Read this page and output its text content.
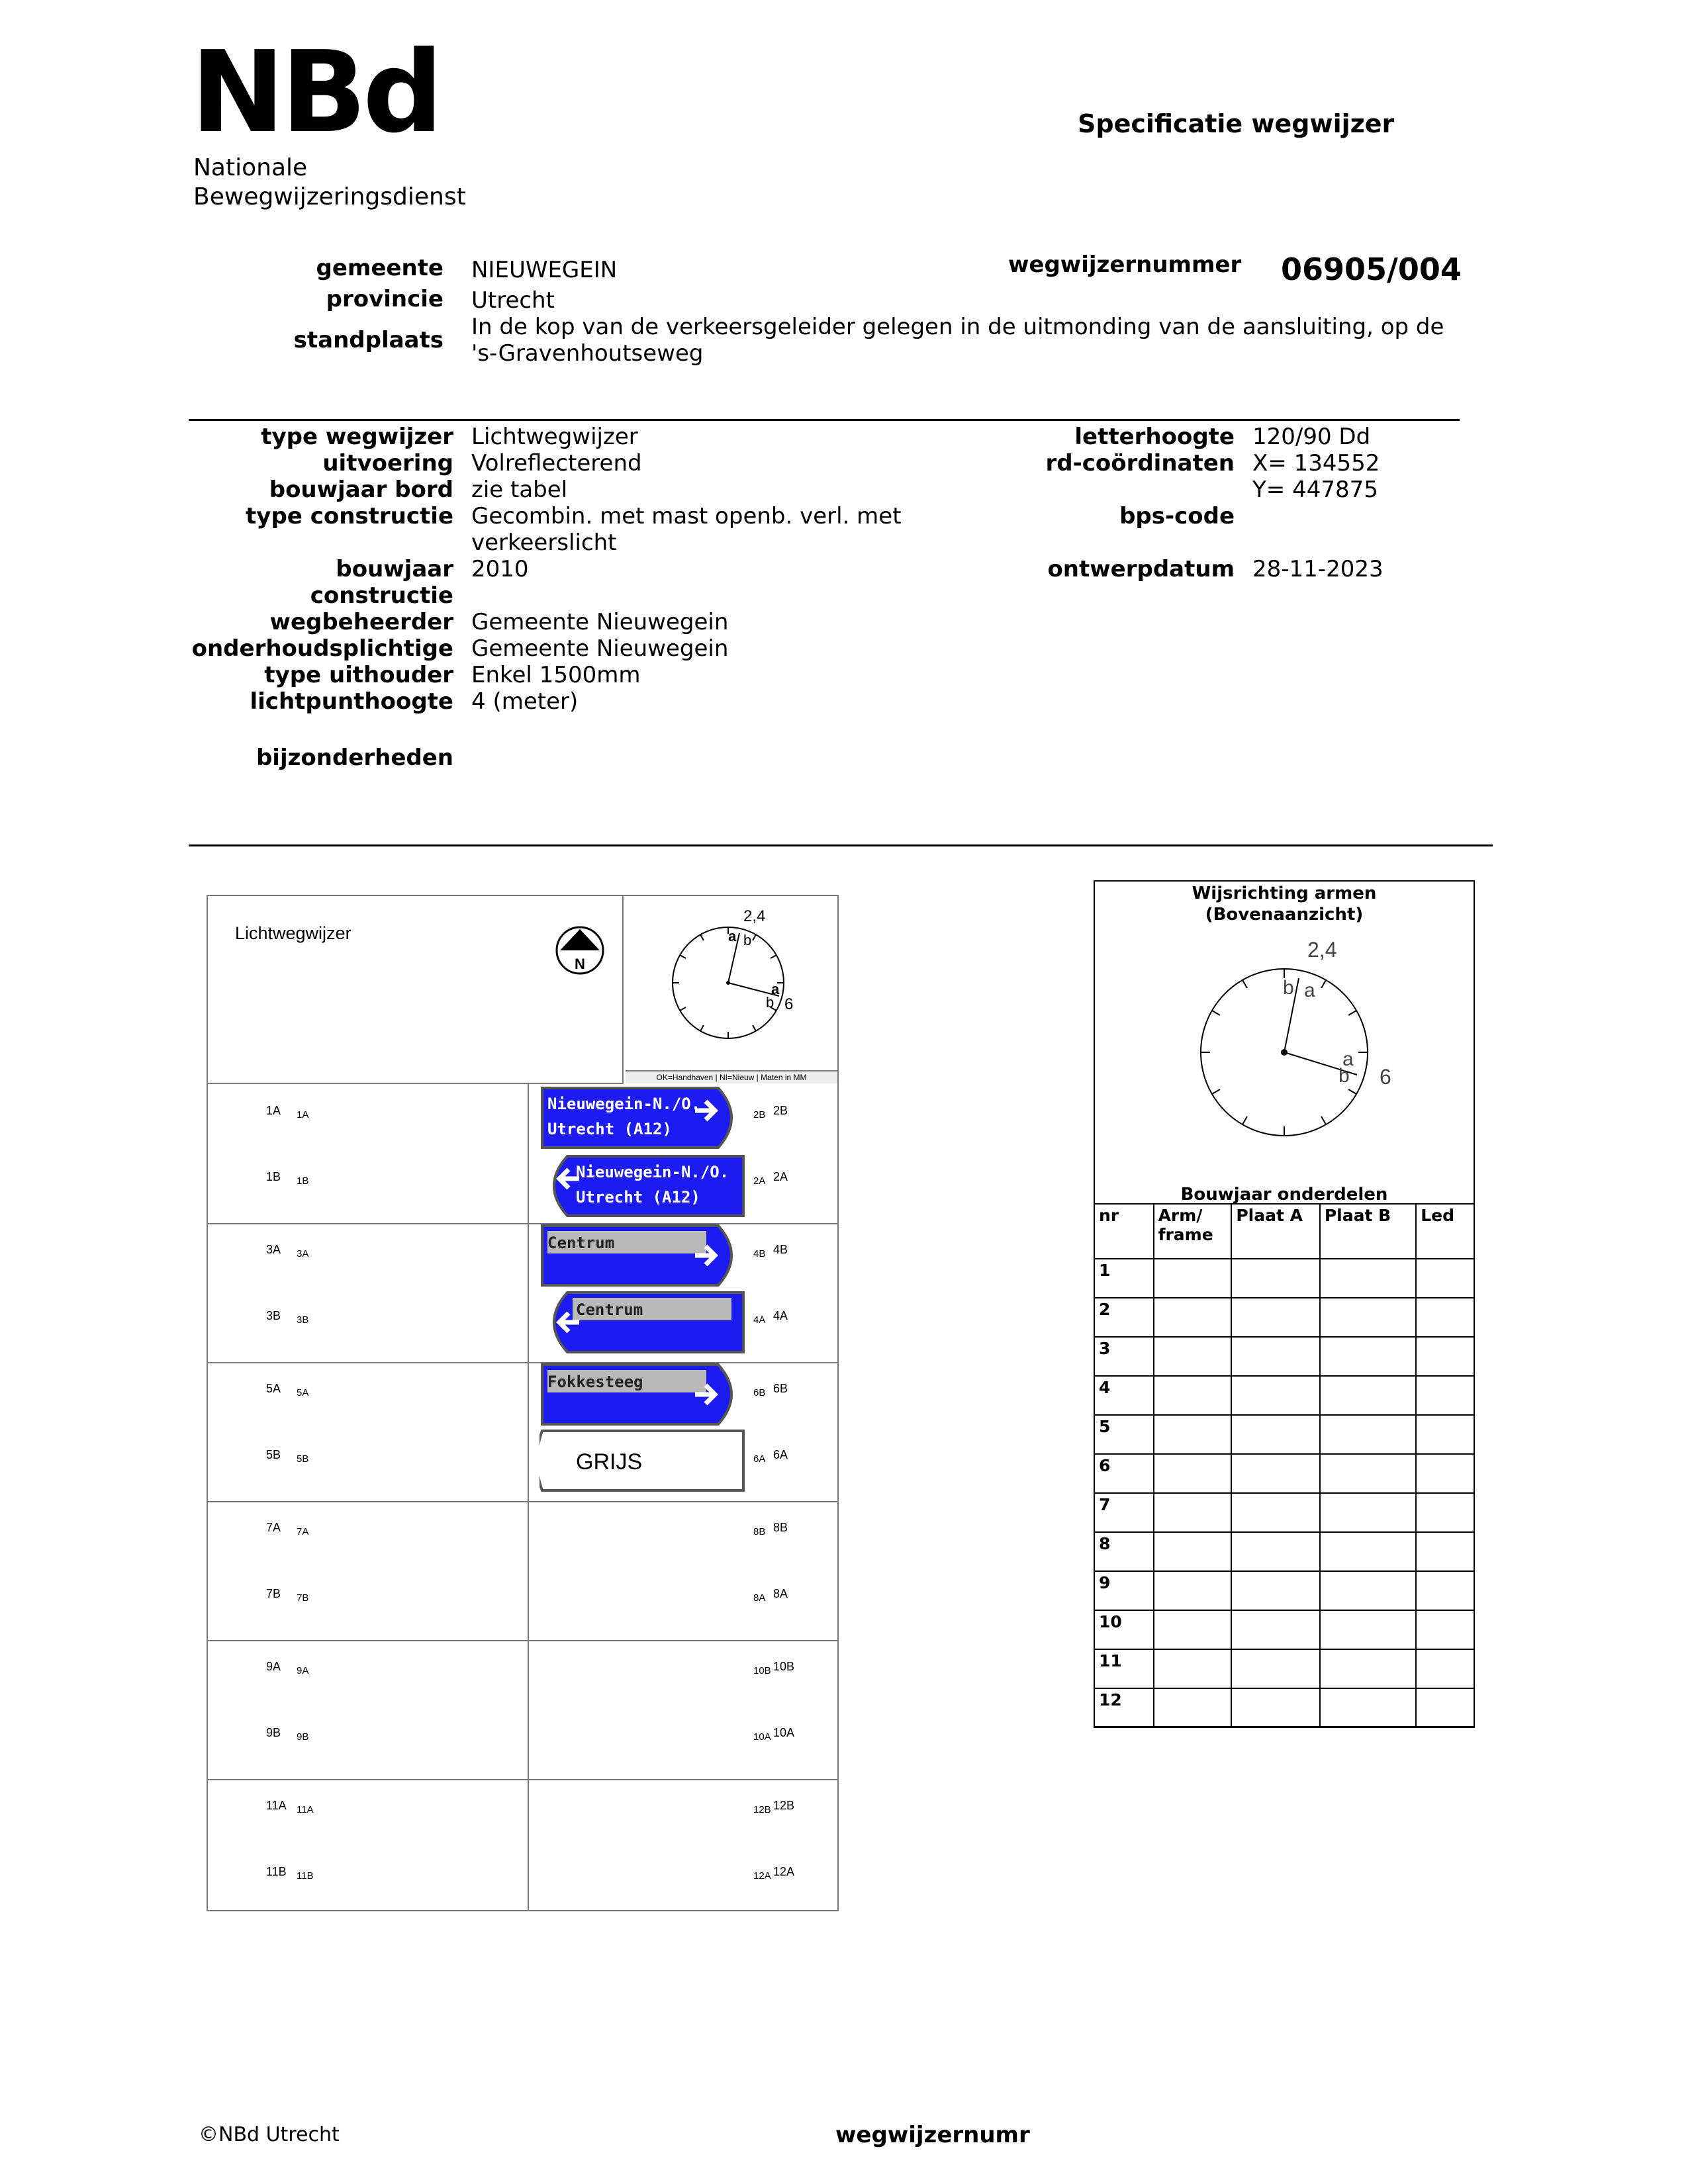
NBd
Nationale
Bewegwijzeringsdienst
Specificatie wegwijzer
gemeente NIEUWEGEIN
provincie Utrecht
standplaats In de kop van de verkeersgeleider gelegen in de uitmonding van de aansluiting, op de
's-Gravenhoutseweg
wegwijzernummer 06905/004
type wegwijzer Lichtwegwijzer
uitvoering Volreflecterend
bouwjaar bord zie tabel
type constructie Gecombin. met mast openb. verl. met
verkeerslicht
bouwjaar 2010
constructie
wegbeheerder Gemeente Nieuwegein
onderhoudsplichtige Gemeente Nieuwegein
type uithouder Enkel 1500mm
lichtpunthoogte 4 (meter)
bijzonderheden
letterhoogte 120/90 Dd
rd-coördinaten X= 134552
Y= 447875
bps-code
ontwerpdatum 28-11-2023
Lichtwegwijzer
N
2,4
a b
a
b 6
OK=Handhaven | NI=Nieuw | Maten in MM
1A 1A	2B 2B
1B 1B	2A 2A
3A 3A	4B 4B
3B 3B	4A 4A
5A 5A	6B 6B
5B 5B	6A 6A
7A 7A	8B 8B
7B 7B	8A 8A
9A 9A	10B 10B
9B 9B	10A 10A
11A 11A	12B 12B
11B 11B	12A 12A
Nieuwegein-N./O.
Utrecht (A12)
Nieuwegein-N./O.
Utrecht (A12)
Centrum
Centrum
Fokkesteeg
GRIJS
Wijsrichting armen
(Bovenaanzicht)
2,4
b a
a
b 6
Bouwjaar onderdelen
nr	Arm/ frame	Plaat A	Plaat B	Led
1				
2				
3				
4				
5				
6				
7				
8				
9				
10				
11				
12				
©NBd Utrecht	wegwijzernumr
